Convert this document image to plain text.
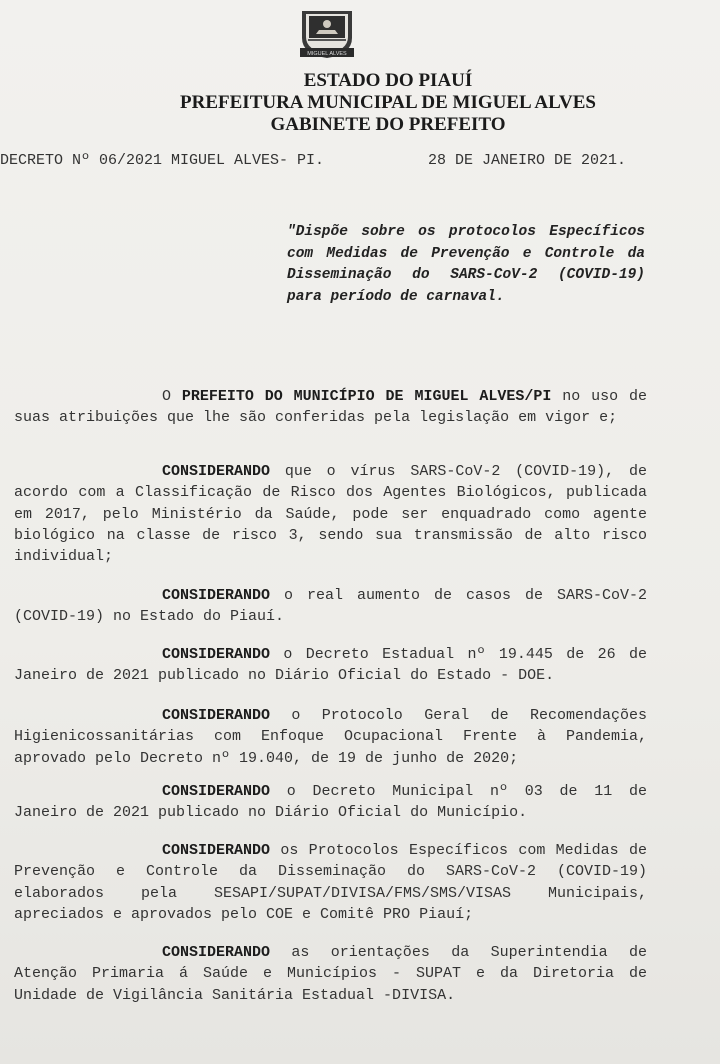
MIGUEL ALVES
ESTADO DO PIAUÍ
PREFEITURA MUNICIPAL DE MIGUEL ALVES
GABINETE DO PREFEITO
DECRETO Nº 06/2021 MIGUEL ALVES- PI.	28 DE JANEIRO DE 2021.
"Dispõe sobre os protocolos Específicos com Medidas de Prevenção e Controle da Disseminação do SARS-CoV-2 (COVID-19) para período de carnaval.
O PREFEITO DO MUNICÍPIO DE MIGUEL ALVES/PI no uso de suas atribuições que lhe são conferidas pela legislação em vigor e;
CONSIDERANDO que o vírus SARS-CoV-2 (COVID-19), de acordo com a Classificação de Risco dos Agentes Biológicos, publicada em 2017, pelo Ministério da Saúde, pode ser enquadrado como agente biológico na classe de risco 3, sendo sua transmissão de alto risco individual;
CONSIDERANDO o real aumento de casos de SARS-CoV-2 (COVID-19) no Estado do Piauí.
CONSIDERANDO o Decreto Estadual nº 19.445 de 26 de Janeiro de 2021 publicado no Diário Oficial do Estado - DOE.
CONSIDERANDO o Protocolo Geral de Recomendações Higienicossanitárias com Enfoque Ocupacional Frente à Pandemia, aprovado pelo Decreto nº 19.040, de 19 de junho de 2020;
CONSIDERANDO o Decreto Municipal nº 03 de 11 de Janeiro de 2021 publicado no Diário Oficial do Município.
CONSIDERANDO os Protocolos Específicos com Medidas de Prevenção e Controle da Disseminação do SARS-CoV-2 (COVID-19) elaborados pela SESAPI/SUPAT/DIVISA/FMS/SMS/VISAS Municipais, apreciados e aprovados pelo COE e Comitê PRO Piauí;
CONSIDERANDO as orientações da Superintendia de Atenção Primaria á Saúde e Municípios - SUPAT e da Diretoria de Unidade de Vigilância Sanitária Estadual -DIVISA.
